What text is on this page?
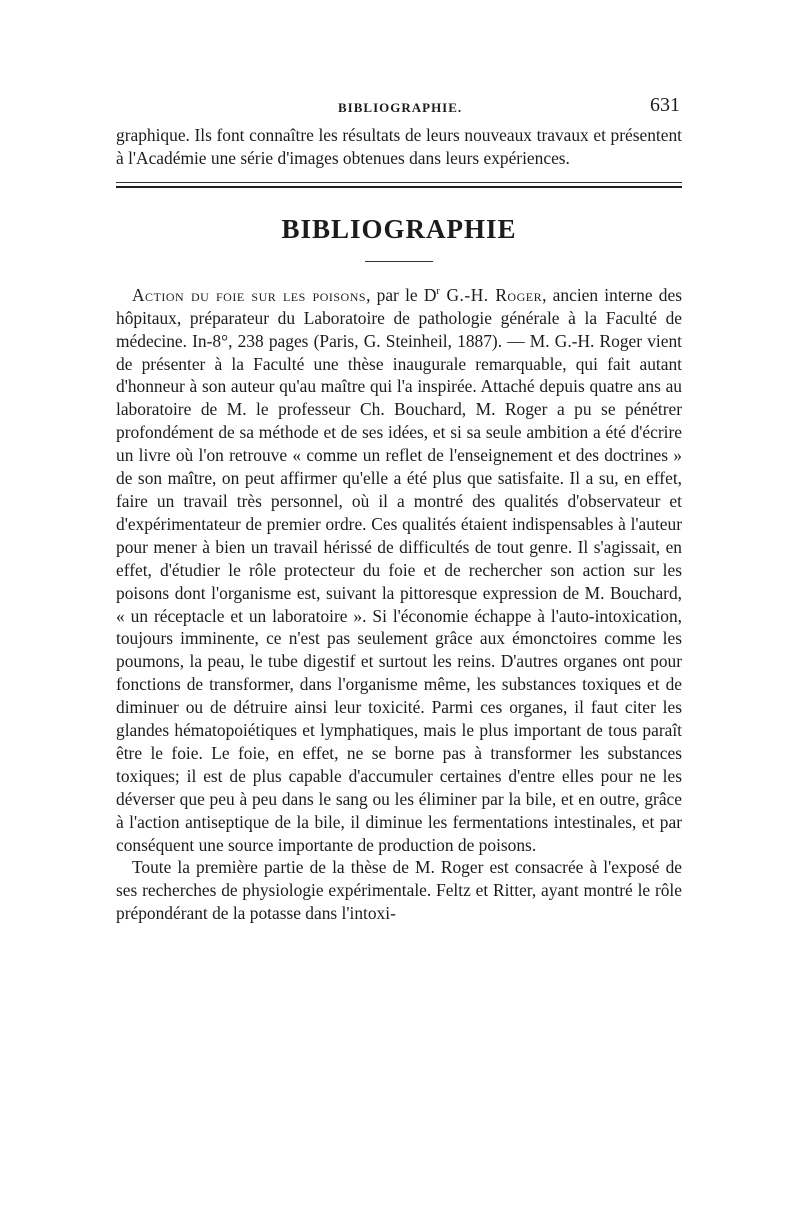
BIBLIOGRAPHIE.	631

graphique. Ils font connaître les résultats de leurs nouveaux travaux et présentent à l'Académie une série d'images obtenues dans leurs expériences.

BIBLIOGRAPHIE

Action du foie sur les poisons, par le $D^r$ G.-H. Roger, ancien interne des hôpitaux, préparateur du Laboratoire de pathologie générale à la Faculté de médecine. In-8°, 238 pages (Paris, G. Steinheil, 1887). — M. G.-H. Roger vient de présenter à la Faculté une thèse inaugurale remarquable, qui fait autant d'honneur à son auteur qu'au maître qui l'a inspirée. Attaché depuis quatre ans au laboratoire de M. le professeur Ch. Bouchard, M. Roger a pu se pénétrer profondément de sa méthode et de ses idées, et si sa seule ambition a été d'écrire un livre où l'on retrouve « comme un reflet de l'enseignement et des doctrines » de son maître, on peut affirmer qu'elle a été plus que satisfaite. Il a su, en effet, faire un travail très personnel, où il a montré des qualités d'observateur et d'expérimentateur de premier ordre. Ces qualités étaient indispensables à l'auteur pour mener à bien un travail hérissé de difficultés de tout genre. Il s'agissait, en effet, d'étudier le rôle protecteur du foie et de rechercher son action sur les poisons dont l'organisme est, suivant la pittoresque expression de M. Bouchard, « un réceptacle et un laboratoire ». Si l'économie échappe à l'auto-intoxication, toujours imminente, ce n'est pas seulement grâce aux émonctoires comme les poumons, la peau, le tube digestif et surtout les reins. D'autres organes ont pour fonctions de transformer, dans l'organisme même, les substances toxiques et de diminuer ou de détruire ainsi leur toxicité. Parmi ces organes, il faut citer les glandes hématopoiétiques et lymphatiques, mais le plus important de tous paraît être le foie. Le foie, en effet, ne se borne pas à transformer les substances toxiques; il est de plus capable d'accumuler certaines d'entre elles pour ne les déverser que peu à peu dans le sang ou les éliminer par la bile, et en outre, grâce à l'action antiseptique de la bile, il diminue les fermentations intestinales, et par conséquent une source importante de production de poisons.

Toute la première partie de la thèse de M. Roger est consacrée à l'exposé de ses recherches de physiologie expérimentale. Feltz et Ritter, ayant montré le rôle prépondérant de la potasse dans l'intoxi-
